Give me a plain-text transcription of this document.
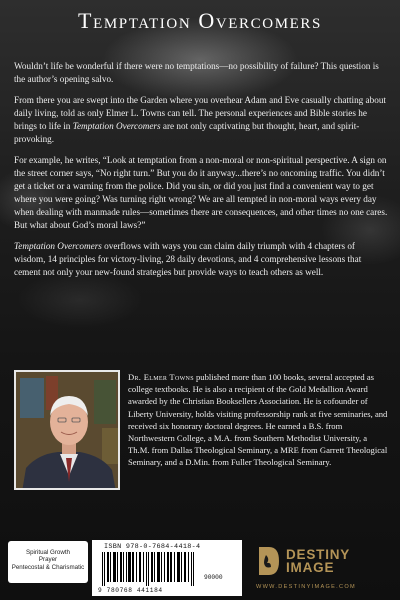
Temptation Overcomers

Wouldn’t life be wonderful if there were no temptations—no possibility of failure? This question is the author’s opening salvo.

From there you are swept into the Garden where you overhear Adam and Eve casually chatting about daily living, told as only Elmer L. Towns can tell. The personal experiences and Bible stories he brings to life in Temptation Overcomers are not only captivating but thought, heart, and spirit-provoking.

For example, he writes, “Look at temptation from a non-moral or non-spiritual perspective. A sign on the street corner says, “No right turn.” But you do it anyway...there’s no oncoming traffic. You didn’t get a ticket or a warning from the police. Did you sin, or did you just find a convenient way to get where you were going? Was turning right wrong? We are all tempted in non-moral ways every day when dealing with manmade rules—sometimes there are consequences, and other times no one cares. But what about God’s moral laws?”

Temptation Overcomers overflows with ways you can claim daily triumph with 4 chapters of wisdom, 14 principles for victory-living, 28 daily devotions, and 4 comprehensive lessons that cement not only your new-found strategies but provide ways to teach others as well.

Dr. Elmer Towns published more than 100 books, several accepted as college textbooks. He is also a recipient of the Gold Medallion Award awarded by the Christian Booksellers Association. He is cofounder of Liberty University, holds visiting professorship rank at five seminaries, and received six honorary doctoral degrees. He earned a B.S. from Northwestern College, a M.A. from Southern Methodist University, a Th.M. from Dallas Theological Seminary, a MRE from Garrett Theological Seminary, and a D.Min. from Fuller Theological Seminary.
Spiritual Growth
Prayer
Pentecostal & Charismatic
ISBN 978-0-7684-4418-4
90000
9 780768 441184
DESTINY
IMAGE
WWW.DESTINYIMAGE.COM
